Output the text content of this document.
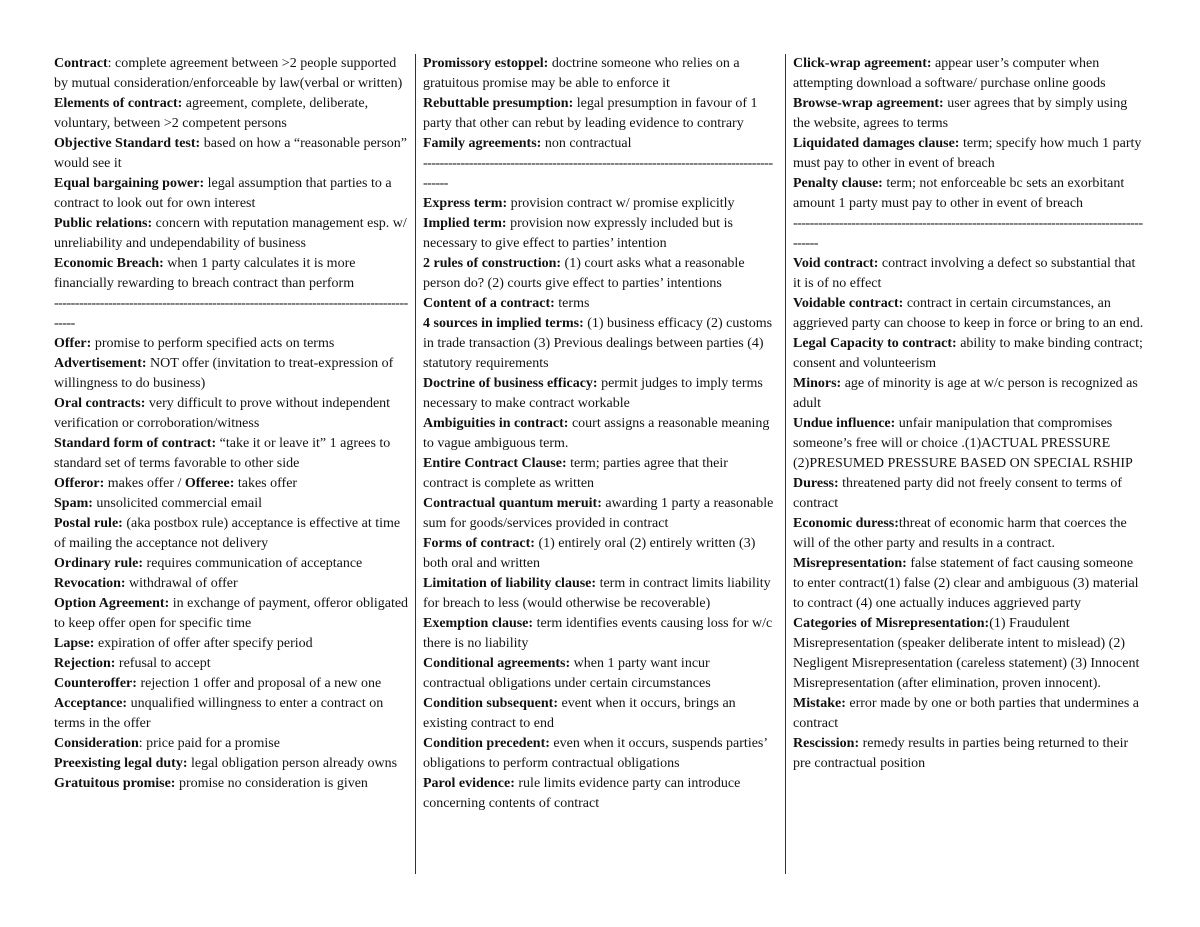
Contract: complete agreement between >2 people supported by mutual consideration/enforceable by law(verbal or written)

Elements of contract: agreement, complete, deliberate, voluntary, between >2 competent persons

Objective Standard test: based on how a “reasonable person” would see it

Equal bargaining power: legal assumption that parties to a contract to look out for own interest

Public relations: concern with reputation management esp. w/ unreliability and undependability of business

Economic Breach: when 1 party calculates it is more financially rewarding to breach contract than perform

------------------------------------------------------------------------------------------

Offer: promise to perform specified acts on terms

Advertisement: NOT offer (invitation to treat-expression of willingness to do business)

Oral contracts: very difficult to prove without independent verification or corroboration/witness

Standard form of contract: “take it or leave it” 1 agrees to standard set of terms favorable to other side

Offeror: makes offer / Offeree: takes offer

Spam: unsolicited commercial email

Postal rule: (aka postbox rule) acceptance is effective at time of mailing the acceptance not delivery

Ordinary rule: requires communication of acceptance

Revocation: withdrawal of offer

Option Agreement: in exchange of payment, offeror obligated to keep offer open for specific time

Lapse: expiration of offer after specify period

Rejection: refusal to accept

Counteroffer: rejection 1 offer and proposal of a new one

Acceptance: unqualified willingness to enter a contract on terms in the offer

Consideration: price paid for a promise

Preexisting legal duty: legal obligation person already owns

Gratuitous promise: promise no consideration is given

Promissory estoppel: doctrine someone who relies on a gratuitous promise may be able to enforce it

Rebuttable presumption: legal presumption in favour of 1 party that other can rebut by leading evidence to contrary

Family agreements: non contractual

------------------------------------------------------------------------------------------

Express term: provision contract w/ promise explicitly

Implied term: provision now expressly included but is necessary to give effect to parties’ intention

2 rules of construction: (1) court asks what a reasonable person do? (2) courts give effect to parties’ intentions

Content of a contract: terms

4 sources in implied terms: (1) business efficacy (2) customs in trade transaction (3) Previous dealings between parties (4) statutory requirements

Doctrine of business efficacy: permit judges to imply terms necessary to make contract workable

Ambiguities in contract: court assigns a reasonable meaning to vague ambiguous term.

Entire Contract Clause: term; parties agree that their contract is complete as written

Contractual quantum meruit: awarding 1 party a reasonable sum for goods/services provided in contract

Forms of contract: (1) entirely oral (2) entirely written (3) both oral and written

Limitation of liability clause: term in contract limits liability for breach to less (would otherwise be recoverable)

Exemption clause: term identifies events causing loss for w/c there is no liability

Conditional agreements: when 1 party want incur contractual obligations under certain circumstances

Condition subsequent: event when it occurs, brings an existing contract to end

Condition precedent: even when it occurs, suspends parties’ obligations to perform contractual obligations

Parol evidence: rule limits evidence party can introduce concerning contents of contract

Click-wrap agreement: appear user’s computer when attempting download a software/ purchase online goods

Browse-wrap agreement: user agrees that by simply using the website, agrees to terms

Liquidated damages clause: term; specify how much 1 party must pay to other in event of breach

Penalty clause: term; not enforceable bc sets an exorbitant amount 1 party must pay to other in event of breach

------------------------------------------------------------------------------------------

Void contract: contract involving a defect so substantial that it is of no effect

Voidable contract: contract in certain circumstances, an aggrieved party can choose to keep in force or bring to an end.

Legal Capacity to contract: ability to make binding contract; consent and volunteerism

Minors: age of minority is age at w/c person is recognized as adult

Undue influence: unfair manipulation that compromises someone’s free will or choice .(1)ACTUAL PRESSURE (2)PRESUMED PRESSURE BASED ON SPECIAL RSHIP

Duress: threatened party did not freely consent to terms of contract

Economic duress:threat of economic harm that coerces the will of the other party and results in a contract.

Misrepresentation: false statement of fact causing someone to enter contract(1) false (2) clear and ambiguous (3) material to contract (4) one actually induces aggrieved party

Categories of Misrepresentation:(1) Fraudulent Misrepresentation (speaker deliberate intent to mislead) (2) Negligent Misrepresentation (careless statement) (3) Innocent Misrepresentation (after elimination, proven innocent).

Mistake: error made by one or both parties that undermines a contract

Rescission: remedy results in parties being returned to their pre contractual position
